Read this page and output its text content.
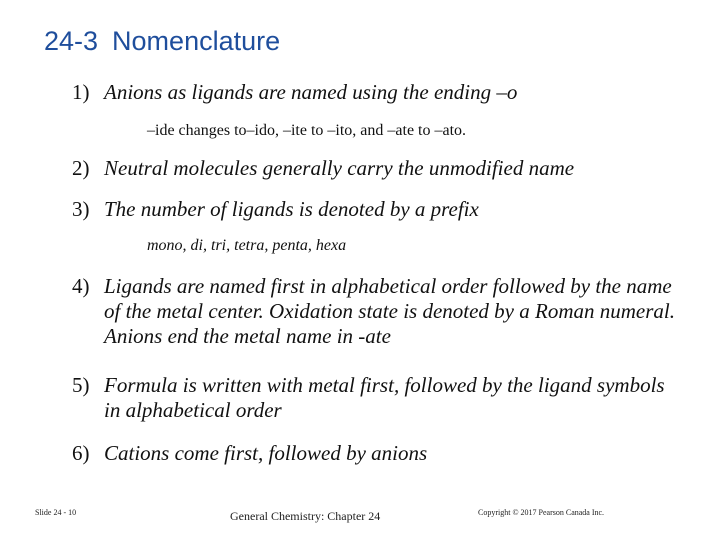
24-3 Nomenclature
1) Anions as ligands are named using the ending –o
–ide changes to–ido, –ite to –ito, and –ate to –ato.
2) Neutral molecules generally carry the unmodified name
3) The number of ligands is denoted by a prefix
mono, di, tri, tetra, penta, hexa
4) Ligands are named first in alphabetical order followed by the name of the metal center. Oxidation state is denoted by a Roman numeral. Anions end the metal name in -ate
5) Formula is written with metal first, followed by the ligand symbols in alphabetical order
6) Cations come first, followed by anions
Slide 24 - 10	General Chemistry: Chapter 24	Copyright © 2017 Pearson Canada Inc.
